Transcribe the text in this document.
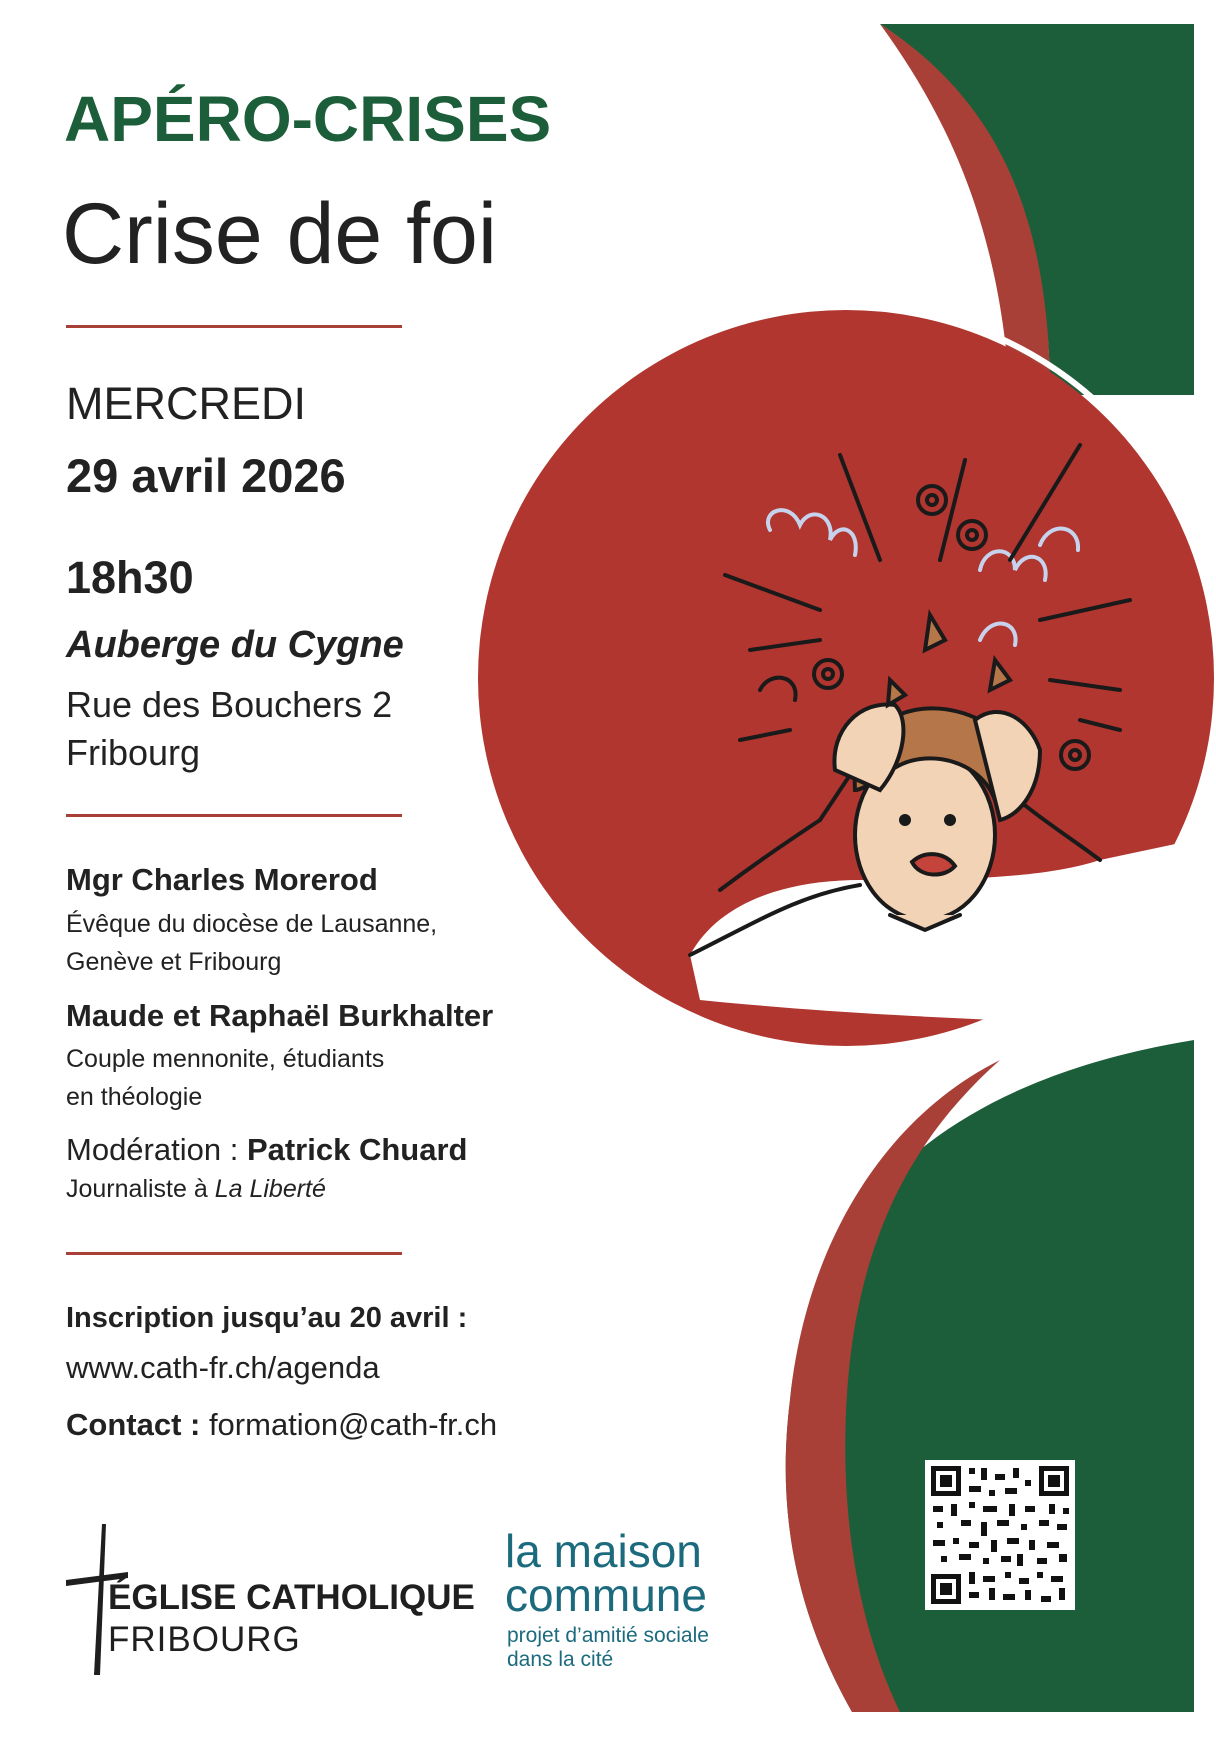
APÉRO-CRISES
Crise de foi
MERCREDI
29 avril 2026
18h30
Auberge du Cygne
Rue des Bouchers 2
Fribourg
Mgr Charles Morerod
Évêque du diocèse de Lausanne,
Genève et Fribourg
Maude et Raphaël Burkhalter
Couple mennonite, étudiants
en théologie
Modération : Patrick Chuard
Journaliste à La Liberté
Inscription jusqu’au 20 avril :
www.cath-fr.ch/agenda
Contact : formation@cath-fr.ch
ÉGLISE CATHOLIQUE
FRIBOURG
la maison
commune
projet d’amitié sociale
dans la cité
